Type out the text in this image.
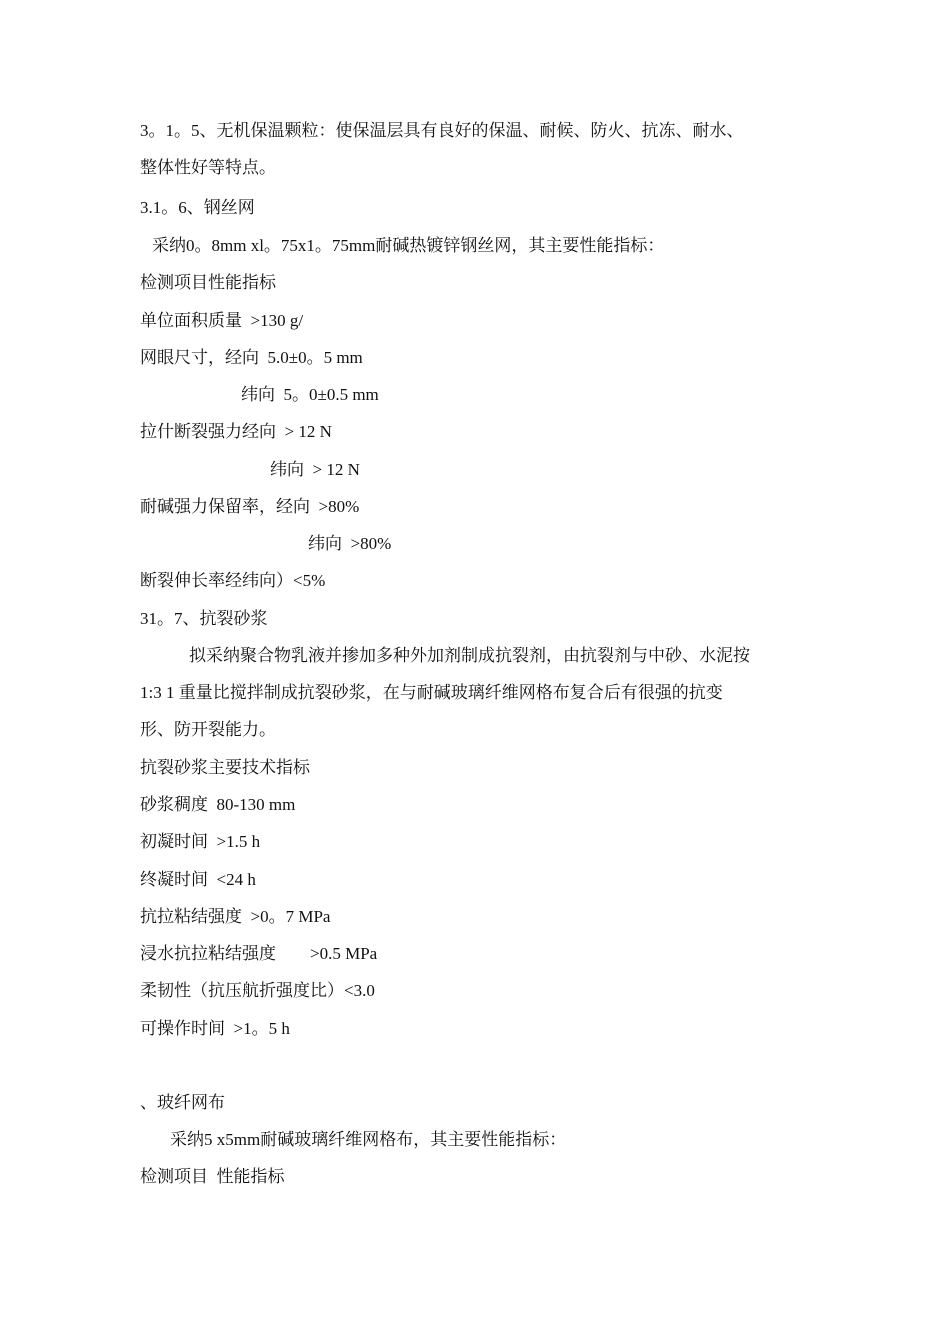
3。1。5、无机保温颗粒：使保温层具有良好的保温、耐候、防火、抗冻、耐水、
整体性好等特点。
3.1。6、钢丝网
采纳0。8mm xl。75x1。75mm耐碱热镀锌钢丝网，其主要性能指标：
检测项目性能指标
单位面积质量  >130 g/
网眼尺寸，经向  5.0±0。5 mm
纬向  5。0±0.5 mm
拉什断裂强力经向  > 12 N
纬向  > 12 N
耐碱强力保留率，经向  >80%
纬向  >80%
断裂伸长率经纬向）<5%
31。7、抗裂砂浆
拟采纳聚合物乳液并掺加多种外加剂制成抗裂剂，由抗裂剂与中砂、水泥按
1:3 1 重量比搅拌制成抗裂砂浆，在与耐碱玻璃纤维网格布复合后有很强的抗变
形、防开裂能力。
抗裂砂浆主要技术指标
砂浆稠度  80-130 mm
初凝时间  >1.5 h
终凝时间  <24 h
抗拉粘结强度  >0。7 MPa
浸水抗拉粘结强度        >0.5 MPa
柔韧性（抗压航折强度比）<3.0
可操作时间  >1。5 h
、玻纤网布
采纳5 x5mm耐碱玻璃纤维网格布，其主要性能指标：
检测项目  性能指标
